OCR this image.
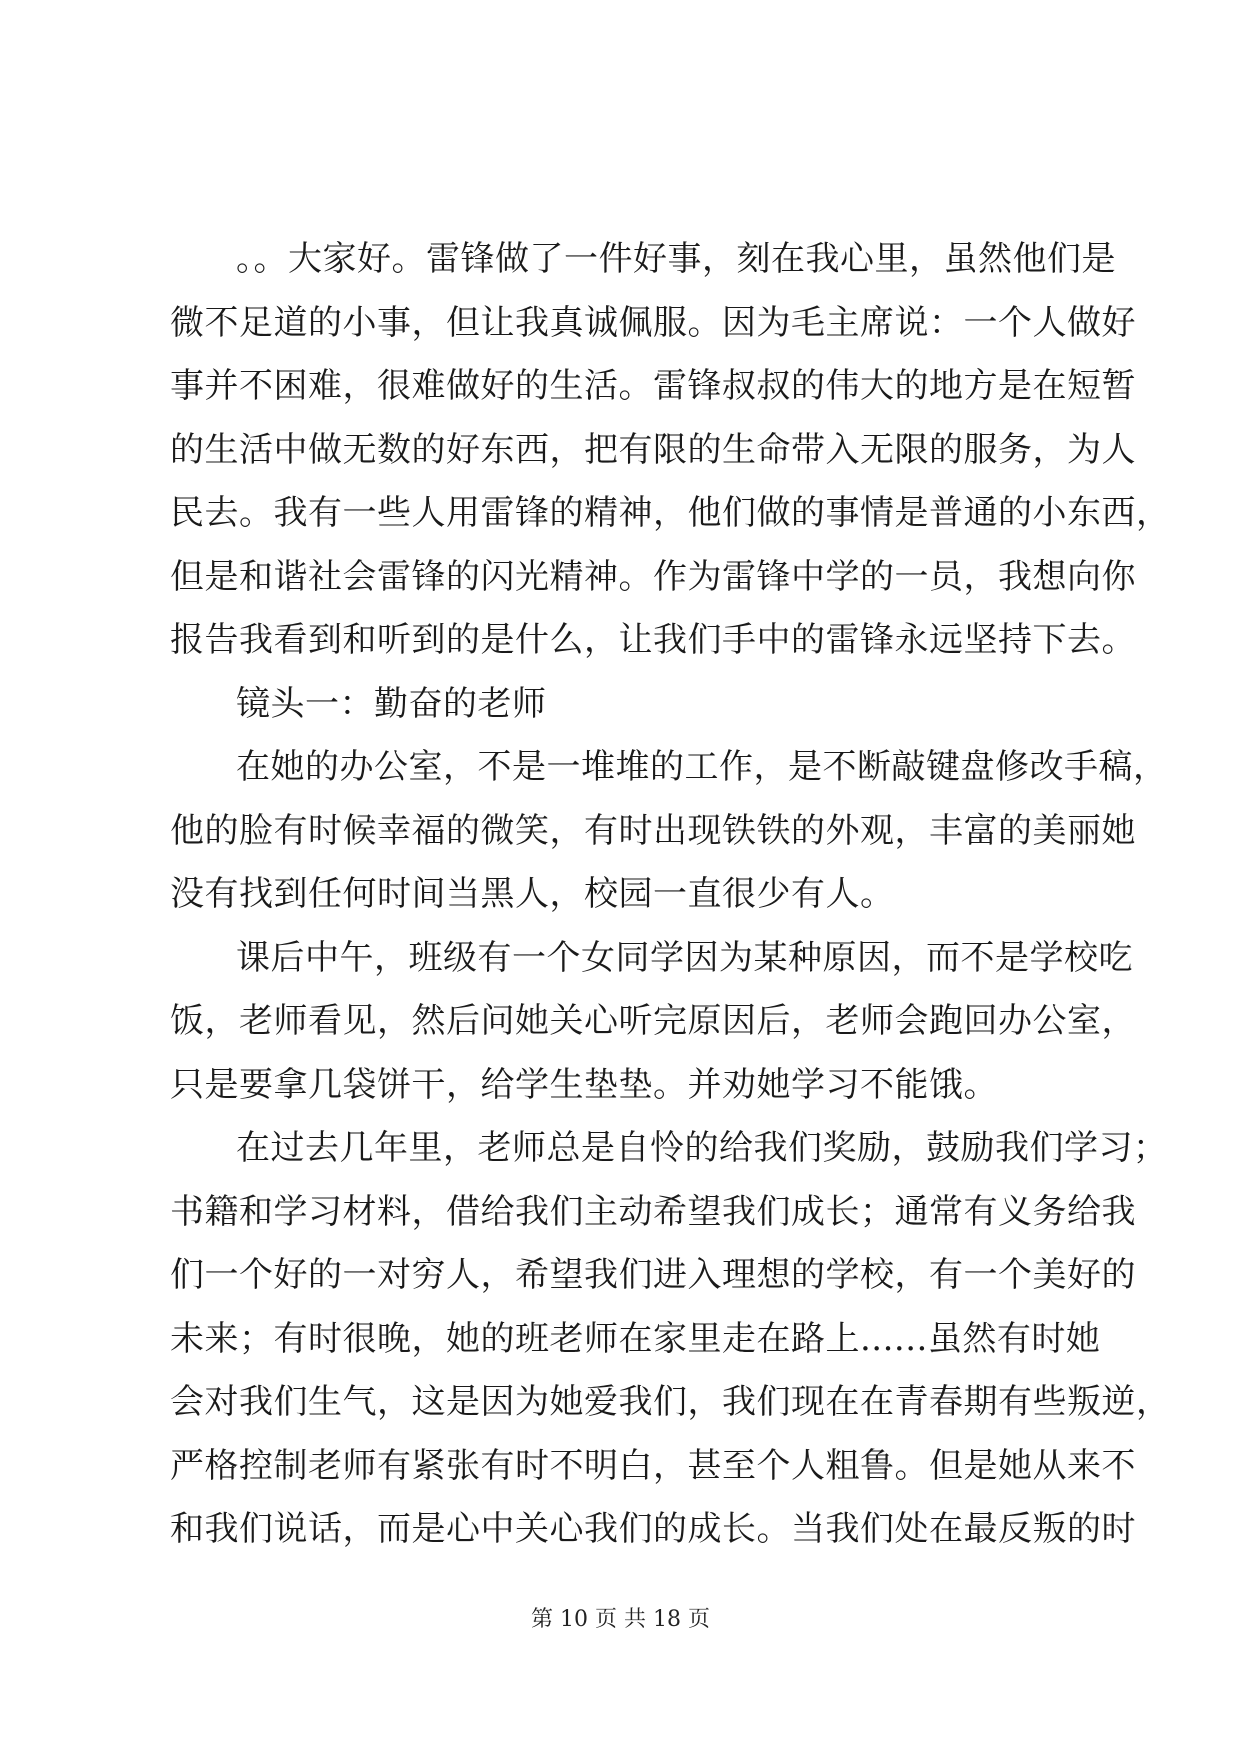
。。大家好。雷锋做了一件好事，刻在我心里，虽然他们是
微不足道的小事，但让我真诚佩服。因为毛主席说：一个人做好
事并不困难，很难做好的生活。雷锋叔叔的伟大的地方是在短暂
的生活中做无数的好东西，把有限的生命带入无限的服务，为人
民去。我有一些人用雷锋的精神，他们做的事情是普通的小东西，
但是和谐社会雷锋的闪光精神。作为雷锋中学的一员，我想向你
报告我看到和听到的是什么，让我们手中的雷锋永远坚持下去。
镜头一：勤奋的老师
在她的办公室，不是一堆堆的工作，是不断敲键盘修改手稿，
他的脸有时候幸福的微笑，有时出现铁铁的外观，丰富的美丽她
没有找到任何时间当黑人，校园一直很少有人。
课后中午，班级有一个女同学因为某种原因，而不是学校吃
饭，老师看见，然后问她关心听完原因后，老师会跑回办公室，
只是要拿几袋饼干，给学生垫垫。并劝她学习不能饿。
在过去几年里，老师总是自怜的给我们奖励，鼓励我们学习；
书籍和学习材料，借给我们主动希望我们成长；通常有义务给我
们一个好的一对穷人，希望我们进入理想的学校，有一个美好的
未来；有时很晚，她的班老师在家里走在路上......虽然有时她
会对我们生气，这是因为她爱我们，我们现在在青春期有些叛逆，
严格控制老师有紧张有时不明白，甚至个人粗鲁。但是她从来不
和我们说话，而是心中关心我们的成长。当我们处在最反叛的时
第 10 页 共 18 页
